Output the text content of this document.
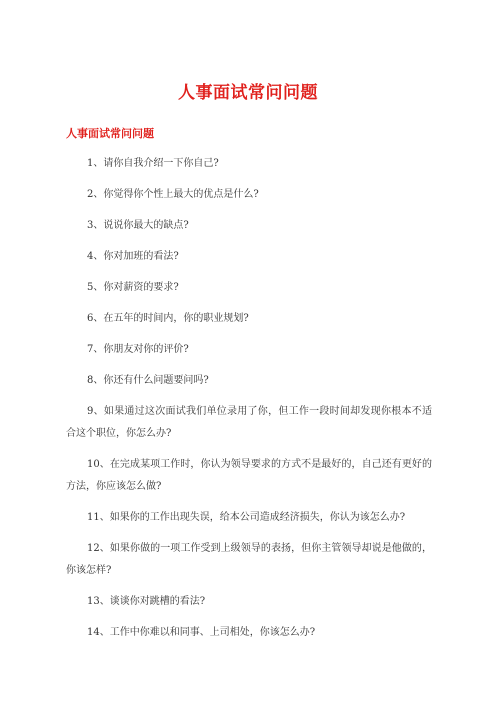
人事面试常问问题
人事面试常问问题
1、请你自我介绍一下你自己?
2、你觉得你个性上最大的优点是什么?
3、说说你最大的缺点?
4、你对加班的看法?
5、你对薪资的要求?
6、在五年的时间内，你的职业规划?
7、你朋友对你的评价?
8、你还有什么问题要问吗?
9、如果通过这次面试我们单位录用了你，但工作一段时间却发现你根本不适合这个职位，你怎么办?
10、在完成某项工作时，你认为领导要求的方式不是最好的，自己还有更好的方法，你应该怎么做?
11、如果你的工作出现失误，给本公司造成经济损失，你认为该怎么办?
12、如果你做的一项工作受到上级领导的表扬，但你主管领导却说是他做的，你该怎样?
13、谈谈你对跳槽的看法?
14、工作中你难以和同事、上司相处，你该怎么办?
